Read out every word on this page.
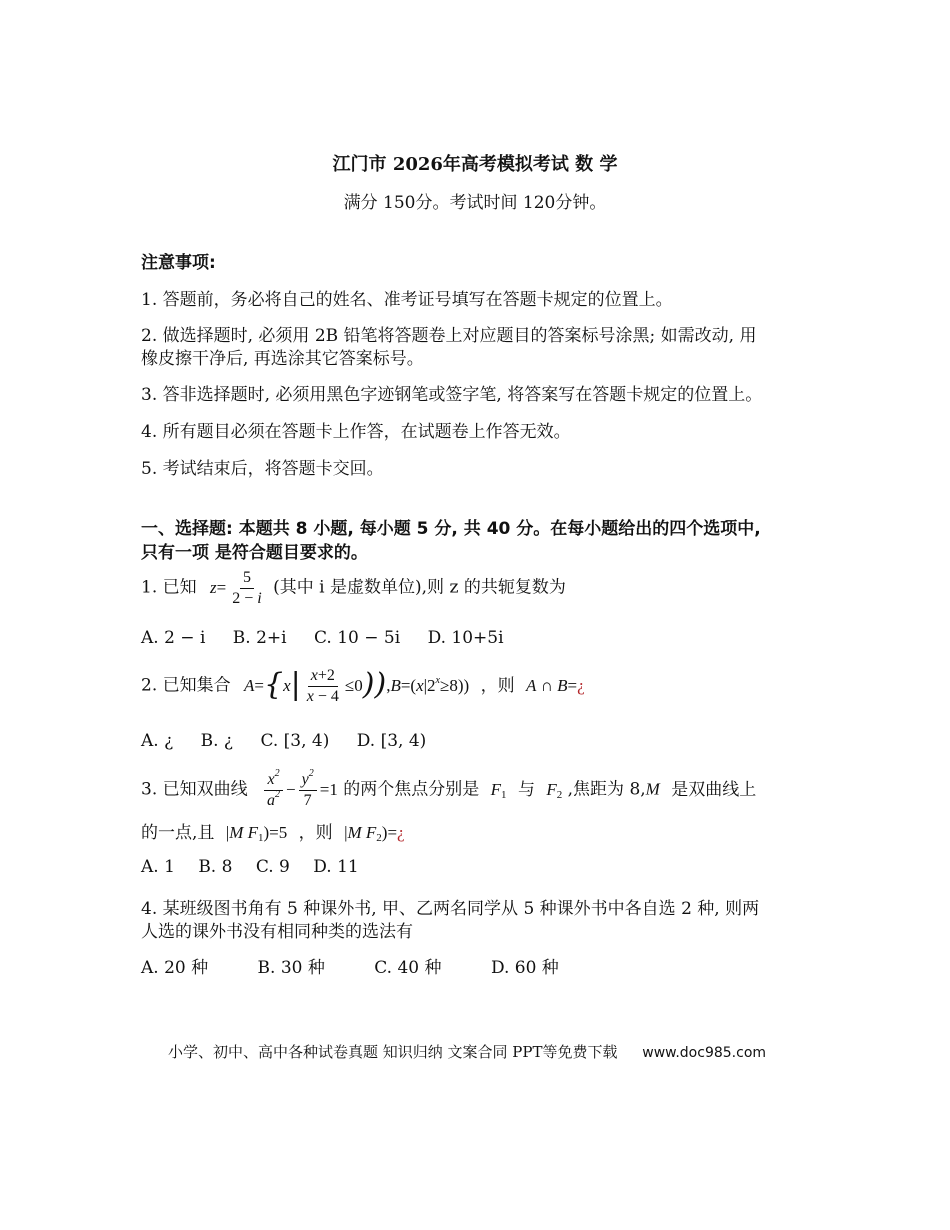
江门市 2026年高考模拟考试 数 学
满分 150分。考试时间 120分钟。
注意事项:
1. 答题前，务必将自己的姓名、准考证号填写在答题卡规定的位置上。
2. 做选择题时, 必须用 2B 铅笔将答题卷上对应题目的答案标号涂黑; 如需改动, 用
橡皮擦干净后, 再选涂其它答案标号。
3. 答非选择题时, 必须用黑色字迹钢笔或签字笔, 将答案写在答题卡规定的位置上。
4. 所有题目必须在答题卡上作答，在试题卷上作答无效。
5. 考试结束后，将答题卡交回。
一、选择题: 本题共 8 小题, 每小题 5 分, 共 40 分。在每小题给出的四个选项中,
只有一项 是符合题目要求的。
1. 已知 $z= \frac{5}{2 - i}$ (其中 i 是虚数单位),则 z 的共轭复数为
A. 2 − i B. 2+i C. 10 − 5i D. 10+5i
2. 已知集合 $A=\{x| \frac{x+2}{x - 4} \le 0)),B=(x|2^x\ge 8)$) ，则 A ∩ B=¿
A. ¿ B. ¿ C. [3, 4) D. [3, 4)
3. 已知双曲线 $\frac{x^2}{a^2} - \frac{y^2}{7} =1$ 的两个焦点分别是 F1 与 F2 ,焦距为 8,M 是双曲线上
的一点,且 |M F1)=5 ，则 |M F2)=¿
A. 1 B. 8 C. 9 D. 11
4. 某班级图书角有 5 种课外书, 甲、乙两名同学从 5 种课外书中各自选 2 种, 则两
人选的课外书没有相同种类的选法有
A. 20 种	B. 30 种	C. 40 种	D. 60 种
小学、初中、高中各种试卷真题 知识归纳 文案合同 PPT等免费下载 www.doc985.com
